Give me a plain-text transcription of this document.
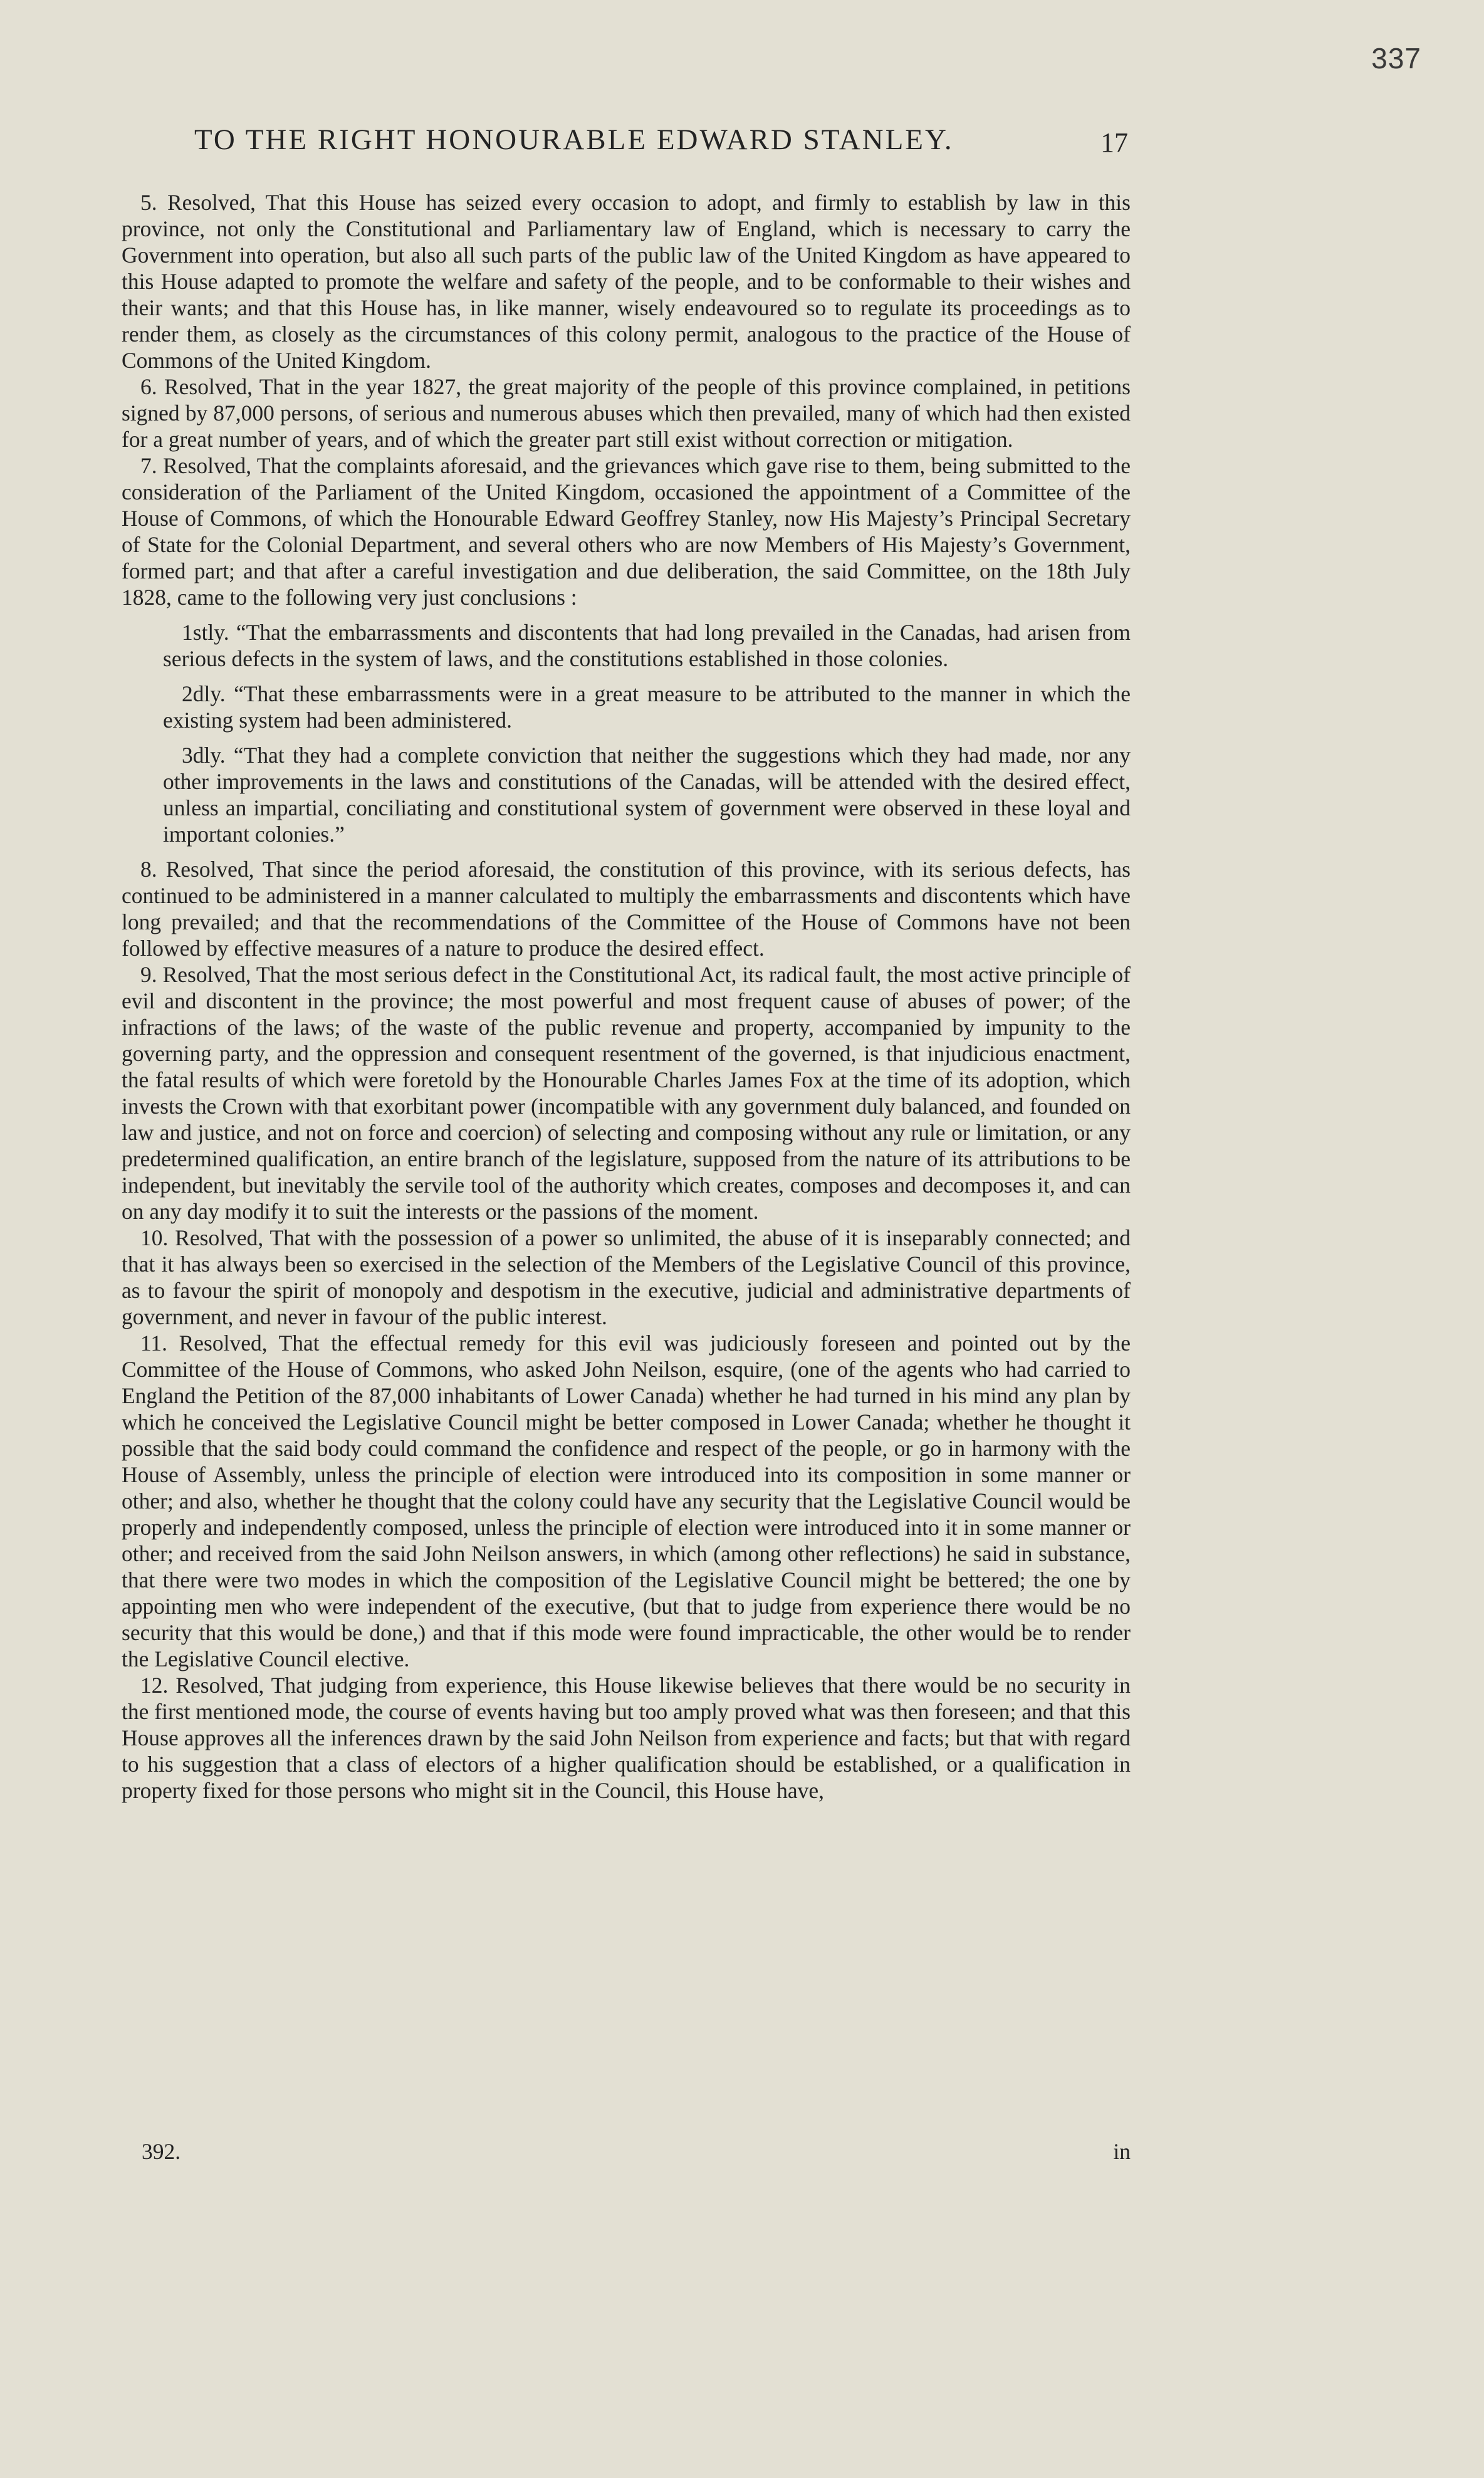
337
TO THE RIGHT HONOURABLE EDWARD STANLEY.	17

5. Resolved, That this House has seized every occasion to adopt, and firmly to establish by law in this province, not only the Constitutional and Parliamentary law of England, which is necessary to carry the Government into operation, but also all such parts of the public law of the United Kingdom as have appeared to this House adapted to promote the welfare and safety of the people, and to be conformable to their wishes and their wants; and that this House has, in like manner, wisely endeavoured so to regulate its proceedings as to render them, as closely as the circumstances of this colony permit, analogous to the practice of the House of Commons of the United Kingdom.

6. Resolved, That in the year 1827, the great majority of the people of this province complained, in petitions signed by 87,000 persons, of serious and numerous abuses which then prevailed, many of which had then existed for a great number of years, and of which the greater part still exist without correction or mitigation.

7. Resolved, That the complaints aforesaid, and the grievances which gave rise to them, being submitted to the consideration of the Parliament of the United Kingdom, occasioned the appointment of a Committee of the House of Commons, of which the Honourable Edward Geoffrey Stanley, now His Majesty’s Principal Secretary of State for the Colonial Department, and several others who are now Members of His Majesty’s Government, formed part; and that after a careful investigation and due deliberation, the said Committee, on the 18th July 1828, came to the following very just conclusions :

1stly. “That the embarrassments and discontents that had long prevailed in the Canadas, had arisen from serious defects in the system of laws, and the constitutions established in those colonies.

2dly. “That these embarrassments were in a great measure to be attributed to the manner in which the existing system had been administered.

3dly. “That they had a complete conviction that neither the suggestions which they had made, nor any other improvements in the laws and constitutions of the Canadas, will be attended with the desired effect, unless an impartial, conciliating and constitutional system of government were observed in these loyal and important colonies.”

8. Resolved, That since the period aforesaid, the constitution of this province, with its serious defects, has continued to be administered in a manner calculated to multiply the embarrassments and discontents which have long prevailed; and that the recommendations of the Committee of the House of Commons have not been followed by effective measures of a nature to produce the desired effect.

9. Resolved, That the most serious defect in the Constitutional Act, its radical fault, the most active principle of evil and discontent in the province; the most powerful and most frequent cause of abuses of power; of the infractions of the laws; of the waste of the public revenue and property, accompanied by impunity to the governing party, and the oppression and consequent resentment of the governed, is that injudicious enactment, the fatal results of which were foretold by the Honourable Charles James Fox at the time of its adoption, which invests the Crown with that exorbitant power (incompatible with any government duly balanced, and founded on law and justice, and not on force and coercion) of selecting and composing without any rule or limitation, or any predetermined qualification, an entire branch of the legislature, supposed from the nature of its attributions to be independent, but inevitably the servile tool of the authority which creates, composes and decomposes it, and can on any day modify it to suit the interests or the passions of the moment.

10. Resolved, That with the possession of a power so unlimited, the abuse of it is inseparably connected; and that it has always been so exercised in the selection of the Members of the Legislative Council of this province, as to favour the spirit of monopoly and despotism in the executive, judicial and administrative departments of government, and never in favour of the public interest.

11. Resolved, That the effectual remedy for this evil was judiciously foreseen and pointed out by the Committee of the House of Commons, who asked John Neilson, esquire, (one of the agents who had carried to England the Petition of the 87,000 inhabitants of Lower Canada) whether he had turned in his mind any plan by which he conceived the Legislative Council might be better composed in Lower Canada; whether he thought it possible that the said body could command the confidence and respect of the people, or go in harmony with the House of Assembly, unless the principle of election were introduced into its composition in some manner or other; and also, whether he thought that the colony could have any security that the Legislative Council would be properly and independently composed, unless the principle of election were introduced into it in some manner or other; and received from the said John Neilson answers, in which (among other reflections) he said in substance, that there were two modes in which the composition of the Legislative Council might be bettered; the one by appointing men who were independent of the executive, (but that to judge from experience there would be no security that this would be done,) and that if this mode were found impracticable, the other would be to render the Legislative Council elective.

12. Resolved, That judging from experience, this House likewise believes that there would be no security in the first mentioned mode, the course of events having but too amply proved what was then foreseen; and that this House approves all the inferences drawn by the said John Neilson from experience and facts; but that with regard to his suggestion that a class of electors of a higher qualification should be established, or a qualification in property fixed for those persons who might sit in the Council, this House have,

392.	in
